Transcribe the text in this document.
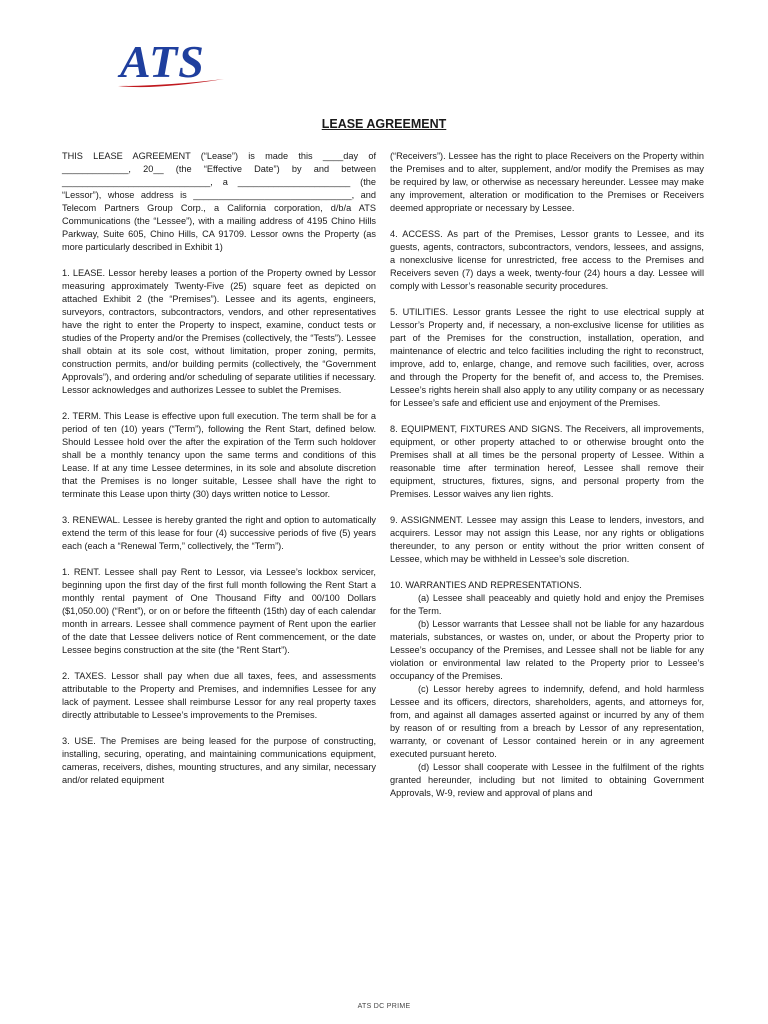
ATS
LEASE AGREEMENT

THIS LEASE AGREEMENT (“Lease”) is made this ____day of _____________, 20__ (the “Effective Date”) by and between _____________________________, a ______________________ (the “Lessor”), whose address is _______________________________, and Telecom Partners Group Corp., a California corporation, d/b/a ATS Communications (the “Lessee”), with a mailing address of 4195 Chino Hills Parkway, Suite 605, Chino Hills, CA 91709. Lessor owns the Property (as more particularly described in Exhibit 1)

1. LEASE. Lessor hereby leases a portion of the Property owned by Lessor measuring approximately Twenty-Five (25) square feet as depicted on attached Exhibit 2 (the “Premises”). Lessee and its agents, engineers, surveyors, contractors, subcontractors, vendors, and other representatives have the right to enter the Property to inspect, examine, conduct tests or studies of the Property and/or the Premises (collectively, the “Tests”). Lessee shall obtain at its sole cost, without limitation, proper zoning, permits, construction permits, and/or building permits (collectively, the “Government Approvals”), and ordering and/or scheduling of separate utilities if necessary. Lessor acknowledges and authorizes Lessee to sublet the Premises.

2. TERM. This Lease is effective upon full execution. The term shall be for a period of ten (10) years (“Term”), following the Rent Start, defined below. Should Lessee hold over the after the expiration of the Term such holdover shall be a monthly tenancy upon the same terms and conditions of this Lease. If at any time Lessee determines, in its sole and absolute discretion that the Premises is no longer suitable, Lessee shall have the right to terminate this Lease upon thirty (30) days written notice to Lessor.

3. RENEWAL. Lessee is hereby granted the right and option to automatically extend the term of this lease for four (4) successive periods of five (5) years each (each a “Renewal Term,” collectively, the “Term”).

1. RENT. Lessee shall pay Rent to Lessor, via Lessee’s lockbox servicer, beginning upon the first day of the first full month following the Rent Start a monthly rental payment of One Thousand Fifty and 00/100 Dollars ($1,050.00) (“Rent”), or on or before the fifteenth (15th) day of each calendar month in arrears. Lessee shall commence payment of Rent upon the earlier of the date that Lessee delivers notice of Rent commencement, or the date Lessee begins construction at the site (the “Rent Start”).

2. TAXES. Lessor shall pay when due all taxes, fees, and assessments attributable to the Property and Premises, and indemnifies Lessee for any lack of payment. Lessee shall reimburse Lessor for any real property taxes directly attributable to Lessee’s improvements to the Premises.

3. USE. The Premises are being leased for the purpose of constructing, installing, securing, operating, and maintaining communications equipment, cameras, receivers, dishes, mounting structures, and any similar, necessary and/or related equipment

(“Receivers”). Lessee has the right to place Receivers on the Property within the Premises and to alter, supplement, and/or modify the Premises as may be required by law, or otherwise as necessary hereunder. Lessee may make any improvement, alteration or modification to the Premises or Receivers deemed appropriate or necessary by Lessee.

4. ACCESS. As part of the Premises, Lessor grants to Lessee, and its guests, agents, contractors, subcontractors, vendors, lessees, and assigns, a nonexclusive license for unrestricted, free access to the Premises and Receivers seven (7) days a week, twenty-four (24) hours a day. Lessee will comply with Lessor’s reasonable security procedures.

5. UTILITIES. Lessor grants Lessee the right to use electrical supply at Lessor’s Property and, if necessary, a non-exclusive license for utilities as part of the Premises for the construction, installation, operation, and maintenance of electric and telco facilities including the right to reconstruct, improve, add to, enlarge, change, and remove such facilities, over, across and through the Property for the benefit of, and access to, the Premises. Lessee’s rights herein shall also apply to any utility company or as necessary for Lessee’s safe and efficient use and enjoyment of the Premises.

8. EQUIPMENT, FIXTURES AND SIGNS. The Receivers, all improvements, equipment, or other property attached to or otherwise brought onto the Premises shall at all times be the personal property of Lessee. Within a reasonable time after termination hereof, Lessee shall remove their equipment, structures, fixtures, signs, and personal property from the Premises. Lessor waives any lien rights.

9. ASSIGNMENT. Lessee may assign this Lease to lenders, investors, and acquirers. Lessor may not assign this Lease, nor any rights or obligations thereunder, to any person or entity without the prior written consent of Lessee, which may be withheld in Lessee’s sole discretion.

10. WARRANTIES AND REPRESENTATIONS.

(a) Lessee shall peaceably and quietly hold and enjoy the Premises for the Term.

(b) Lessor warrants that Lessee shall not be liable for any hazardous materials, substances, or wastes on, under, or about the Property prior to Lessee’s occupancy of the Premises, and Lessee shall not be liable for any violation or environmental law related to the Property prior to Lessee’s occupancy of the Premises.

(c) Lessor hereby agrees to indemnify, defend, and hold harmless Lessee and its officers, directors, shareholders, agents, and attorneys for, from, and against all damages asserted against or incurred by any of them by reason of or resulting from a breach by Lessor of any representation, warranty, or covenant of Lessor contained herein or in any agreement executed pursuant hereto.

(d) Lessor shall cooperate with Lessee in the fulfilment of the rights granted hereunder, including but not limited to obtaining Government Approvals, W-9, review and approval of plans and

ATS DC PRIME
